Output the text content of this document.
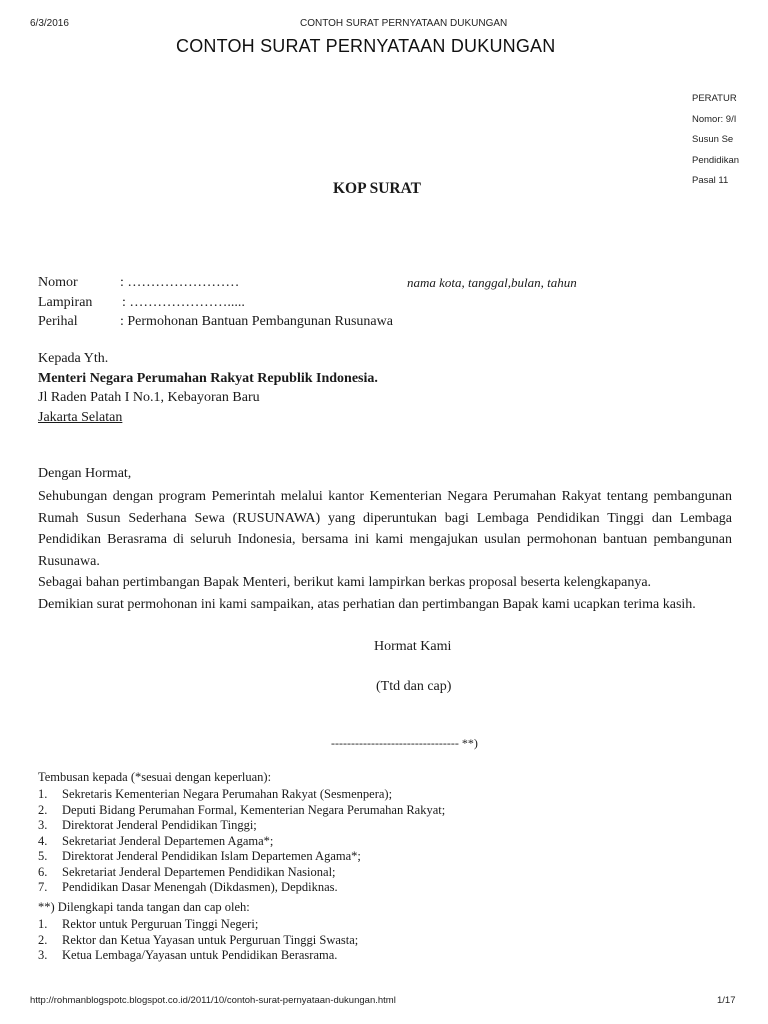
6/3/2016	CONTOH SURAT PERNYATAAN DUKUNGAN
CONTOH SURAT PERNYATAAN DUKUNGAN
PERATUR
Nomor: 9/I
Susun Se
Pendidikan
Pasal 11
KOP SURAT
Nomor	: ……………………	nama kota, tanggal,bulan, tahun
Lampiran : ………………….....
Perihal	: Permohonan Bantuan Pembangunan Rusunawa
Kepada Yth.
Menteri Negara Perumahan Rakyat Republik Indonesia.
Jl Raden Patah I No.1, Kebayoran Baru
Jakarta Selatan
Dengan Hormat,

Sehubungan dengan program Pemerintah melalui kantor Kementerian Negara Perumahan Rakyat tentang pembangunan Rumah Susun Sederhana Sewa (RUSUNAWA) yang diperuntukan bagi Lembaga Pendidikan Tinggi dan Lembaga Pendidikan Berasrama di seluruh Indonesia, bersama ini kami mengajukan usulan permohonan bantuan pembangunan Rusunawa.

Sebagai bahan pertimbangan Bapak Menteri, berikut kami lampirkan berkas proposal beserta kelengkapanya.

Demikian surat permohonan ini kami sampaikan, atas perhatian dan pertimbangan Bapak kami ucapkan terima kasih.

Hormat Kami
(Ttd dan cap)
-------------------------------- **)
Tembusan kepada (*sesuai dengan keperluan):
1. Sekretaris Kementerian Negara Perumahan Rakyat (Sesmenpera);
2. Deputi Bidang Perumahan Formal, Kementerian Negara Perumahan Rakyat;
3. Direktorat Jenderal Pendidikan Tinggi;
4. Sekretariat Jenderal Departemen Agama*;
5. Direktorat Jenderal Pendidikan Islam Departemen Agama*;
6. Sekretariat Jenderal Departemen Pendidikan Nasional;
7. Pendidikan Dasar Menengah (Dikdasmen), Depdiknas.
**) Dilengkapi tanda tangan dan cap oleh:
1. Rektor untuk Perguruan Tinggi Negeri;
2. Rektor dan Ketua Yayasan untuk Perguruan Tinggi Swasta;
3. Ketua Lembaga/Yayasan untuk Pendidikan Berasrama.
http://rohmanblogspotc.blogspot.co.id/2011/10/contoh-surat-pernyataan-dukungan.html	1/17
